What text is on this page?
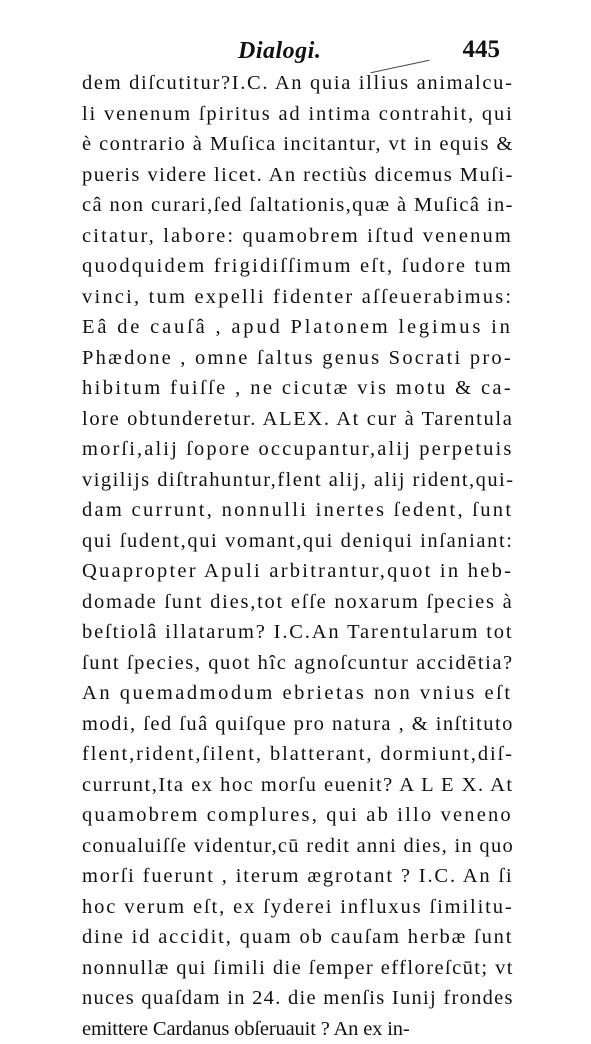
Dialogi.	445
dem diſcutitur?I.C. An quia illius animalcu-
li venenum ſpiritus ad intima contrahit, qui
è contrario à Muſica incitantur, vt in equis &
pueris videre licet. An rectiùs dicemus Muſi-
câ non curari,ſed ſaltationis,quæ à Muſicâ in-
citatur, labore: quamobrem iſtud venenum
quodquidem frigidiſſimum eſt, ſudore tum
vinci, tum expelli fidenter aſſeuerabimus:
Eâ de cauſâ , apud Platonem legimus in
Phædone , omne ſaltus genus Socrati pro-
hibitum fuiſſe , ne cicutæ vis motu & ca-
lore obtunderetur. ALEX. At cur à Tarentula
morſi,alij ſopore occupantur,alij perpetuis
vigilijs diſtrahuntur,flent alij, alij rident,qui-
dam currunt, nonnulli inertes ſedent, ſunt
qui ſudent,qui vomant,qui deniqui inſaniant:
Quapropter Apuli arbitrantur,quot in heb-
domade ſunt dies,tot eſſe noxarum ſpecies à
beſtiolâ illatarum? I.C.An Tarentularum tot
ſunt ſpecies, quot hîc agnoſcuntur accidētia?
An quemadmodum ebrietas non vnius eſt
modi, ſed ſuâ quiſque pro natura , & inſtituto
flent,rident,ſilent, blatterant, dormiunt,diſ-
currunt,Ita ex hoc morſu euenit? A L E X. At
quamobrem complures, qui ab illo veneno
conualuiſſe videntur,cū redit anni dies, in quo
morſi fuerunt , iterum ægrotant ? I.C. An ſi
hoc verum eſt, ex ſyderei influxus ſimilitu-
dine id accidit, quam ob cauſam herbæ ſunt
nonnullæ qui ſimili die ſemper effloreſcūt; vt
nuces quaſdam in 24. die menſis Iunij frondes
emittere Cardanus obſeruauit ? An ex in-
